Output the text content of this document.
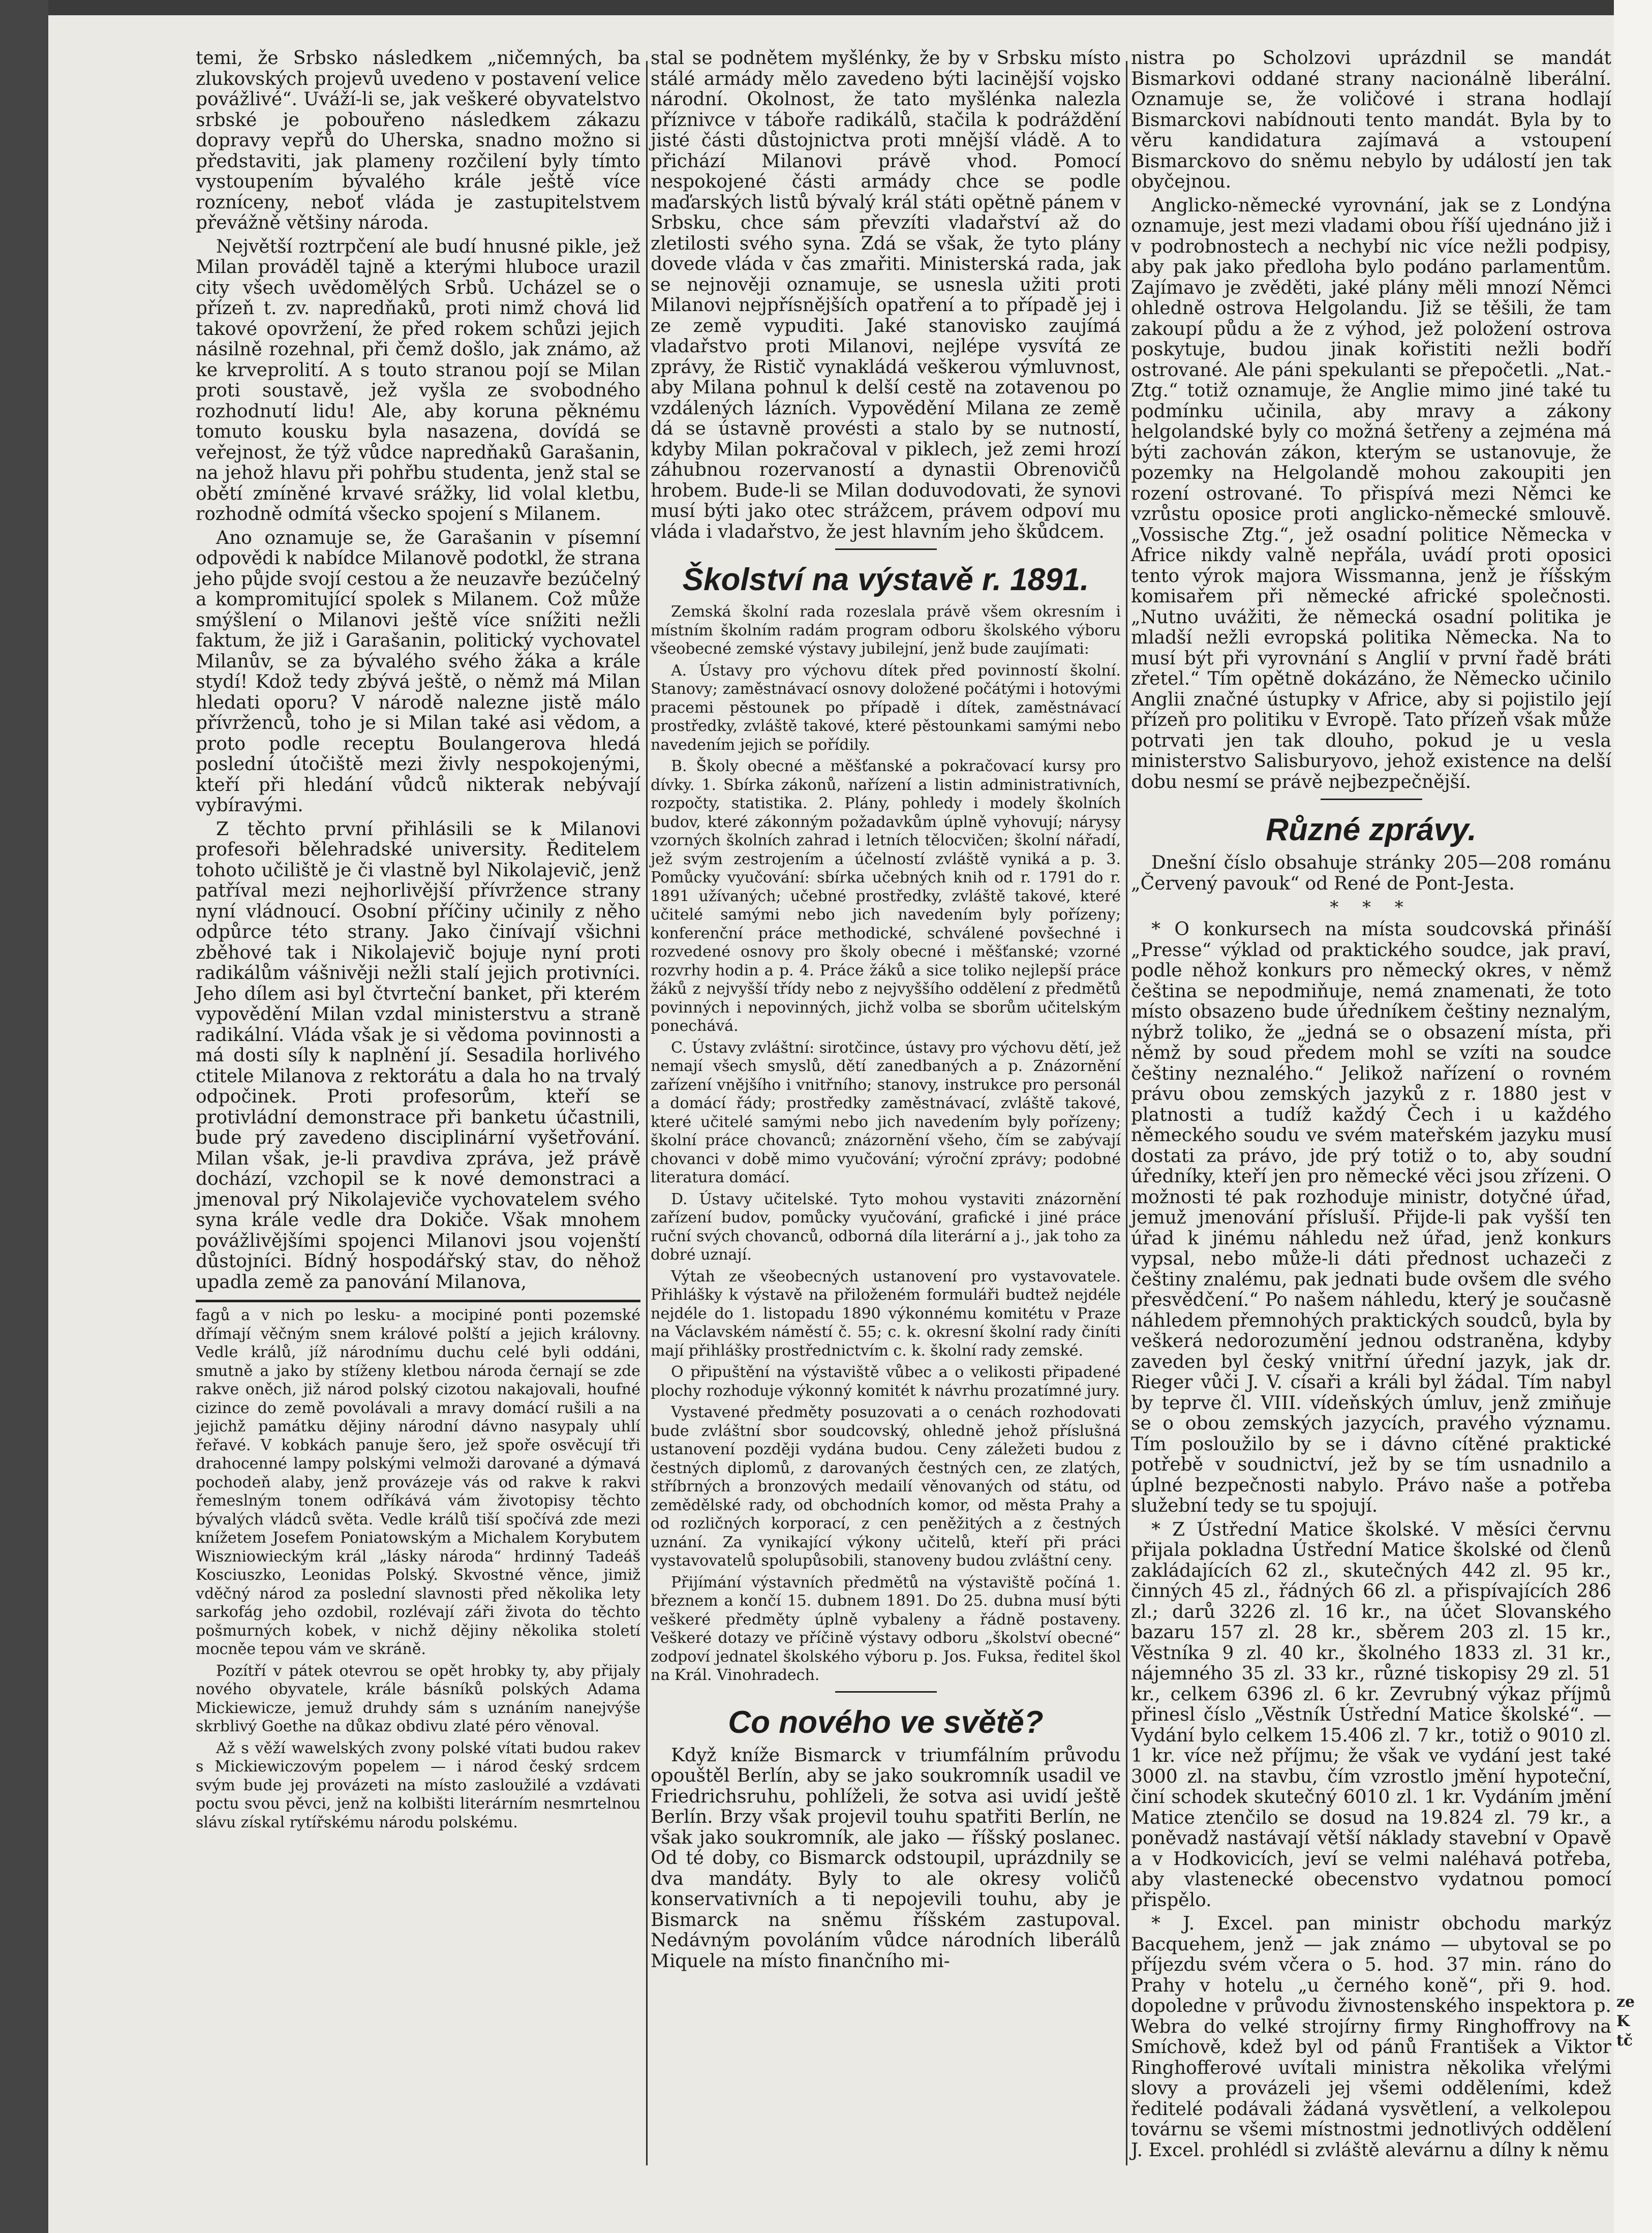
ze
K
tč

temi, že Srbsko následkem „ničemných, ba zlukovských projevů uvedeno v postavení velice povážlivé“. Uváží-li se, jak veškeré obyvatelstvo srbské je pobouřeno následkem zákazu dopravy vepřů do Uherska, snadno možno si představiti, jak plameny rozčilení byly tímto vystoupením bývalého krále ještě více rozníceny, neboť vláda je zastupitelstvem převážně většiny národa.

Největší roztrpčení ale budí hnusné pikle, jež Milan prováděl tajně a kterými hluboce urazil city všech uvědomělých Srbů. Ucházel se o přízeň t. zv. napredňaků, proti nimž chová lid takové opovržení, že před rokem schůzi jejich násilně rozehnal, při čemž došlo, jak známo, až ke krveprolití. A s touto stranou pojí se Milan proti soustavě, jež vyšla ze svobodného rozhodnutí lidu! Ale, aby koruna pěknému tomuto kousku byla nasazena, dovídá se veřejnost, že týž vůdce napredňaků Garašanin, na jehož hlavu při pohřbu studenta, jenž stal se obětí zmíněné krvavé srážky, lid volal kletbu, rozhodně odmítá všecko spojení s Milanem.

Ano oznamuje se, že Garašanin v písemní odpovědi k nabídce Milanově podotkl, že strana jeho půjde svojí cestou a že neuzavře bezúčelný a kompromitující spolek s Milanem. Což může smýšlení o Milanovi ještě více snížiti nežli faktum, že již i Garašanin, politický vychovatel Milanův, se za bývalého svého žáka a krále stydí! Kdož tedy zbývá ještě, o němž má Milan hledati oporu? V národě nalezne jistě málo přívrženců, toho je si Milan také asi vědom, a proto podle receptu Boulangerova hledá poslední útočiště mezi živly nespokojenými, kteří při hledání vůdců nikterak nebývají vybíravými.

Z těchto první přihlásili se k Milanovi profesoři bělehradské university. Ředitelem tohoto učiliště je či vlastně byl Nikolajevič, jenž patříval mezi nejhorlivější přívržence strany nyní vládnoucí. Osobní příčiny učinily z něho odpůrce této strany. Jako činívají všichni zběhové tak i Nikolajevič bojuje nyní proti radikálům vášnivěji nežli stalí jejich protivníci. Jeho dílem asi byl čtvrteční banket, při kterém vypovědění Milan vzdal ministerstvu a straně radikální. Vláda však je si vědoma povinnosti a má dosti síly k naplnění jí. Sesadila horlivého ctitele Milanova z rektorátu a dala ho na trvalý odpočinek. Proti profesorům, kteří se protivládní demonstrace při banketu účastnili, bude prý zavedeno disciplinární vyšetřování. Milan však, je-li pravdiva zpráva, jež právě dochází, vzchopil se k nové demonstraci a jmenoval prý Nikolajeviče vychovatelem svého syna krále vedle dra Dokiče. Však mnohem povážlivějšími spojenci Milanovi jsou vojenští důstojníci. Bídný hospodářský stav, do něhož upadla země za panování Milanova,

fagů a v nich po lesku- a mocipiné ponti pozemské dřímají věčným snem králové polští a jejich královny. Vedle králů, jíž národnímu duchu celé byli oddáni, smutně a jako by stíženy kletbou národa černají se zde rakve oněch, již národ polský cizotou nakajovali, houfné cizince do země povolávali a mravy domácí rušili a na jejichž památku dějiny národní dávno nasypaly uhlí řeřavé. V kobkách panuje šero, jež spoře osvěcují tři drahocenné lampy polskými velmoži darované a dýmavá pochodeň alaby, jenž provázeje vás od rakve k rakvi řemeslným tonem odříkává vám životopisy těchto bývalých vládců světa. Vedle králů tiší spočívá zde mezi knížetem Josefem Poniatowským a Michalem Korybutem Wiszniowieckým král „lásky národa“ hrdinný Tadeáš Kosciuszko, Leonidas Polský. Skvostné věnce, jimiž vděčný národ za poslední slavnosti před několika lety sarkofág jeho ozdobil, rozlévají záři života do těchto pošmurných kobek, v nichž dějiny několika století mocněe tepou vám ve skráně.

Pozítří v pátek otevrou se opět hrobky ty, aby přijaly nového obyvatele, krále básníků polských Adama Mickiewicze, jemuž druhdy sám s uznáním nanejvýše skrblivý Goethe na důkaz obdivu zlaté péro věnoval.

Až s věží wawelských zvony polské vítati budou rakev s Mickiewiczovým popelem — i národ český srdcem svým bude jej provázeti na místo zasloužilé a vzdávati poctu svou pěvci, jenž na kolbišti literárním nesmrtelnou slávu získal rytířskému národu polskému.

stal se podnětem myšlénky, že by v Srbsku místo stálé armády mělo zavedeno býti lacinější vojsko národní. Okolnost, že tato myšlénka nalezla příznivce v táboře radikálů, stačila k podráždění jisté části důstojnictva proti mnější vládě. A to přichází Milanovi právě vhod. Pomocí nespokojené části armády chce se podle maďarských listů bývalý král státi opětně pánem v Srbsku, chce sám převzíti vladařství až do zletilosti svého syna. Zdá se však, že tyto plány dovede vláda v čas zmařiti. Ministerská rada, jak se nejnověji oznamuje, se usnesla užiti proti Milanovi nejpřísnějších opatření a to případě jej i ze země vypuditi. Jaké stanovisko zaujímá vladařstvo proti Milanovi, nejlépe vysvítá ze zprávy, že Ristič vynakládá veškerou výmluvnost, aby Milana pohnul k delší cestě na zotavenou po vzdálených lázních. Vypovědění Milana ze země dá se ústavně provésti a stalo by se nutností, kdyby Milan pokračoval v piklech, jež zemi hrozí záhubnou rozervaností a dynastii Obrenovičů hrobem. Bude-li se Milan doduvodovati, že synovi musí býti jako otec strážcem, právem odpoví mu vláda i vladařstvo, že jest hlavním jeho škůdcem.

Školství na výstavě r. 1891.

Zemská školní rada rozeslala právě všem okresním i místním školním radám program odboru školského výboru všeobecné zemské výstavy jubilejní, jenž bude zaujímati:

A. Ústavy pro výchovu dítek před povinností školní. Stanovy; zaměstnávací osnovy doložené počátými i hotovými pracemi pěstounek po případě i dítek, zaměstnávací prostředky, zvláště takové, které pěstounkami samými nebo navedením jejich se pořídily.

B. Školy obecné a měšťanské a pokračovací kursy pro dívky. 1. Sbírka zákonů, nařízení a listin administrativních, rozpočty, statistika. 2. Plány, pohledy i modely školních budov, které zákonným požadavkům úplně vyhovují; nárysy vzorných školních zahrad i letních tělocvičen; školní nářadí, jež svým zestrojením a účelností zvláště vyniká a p. 3. Pomůcky vyučování: sbírka učebných knih od r. 1791 do r. 1891 užívaných; učebné prostředky, zvláště takové, které učitelé samými nebo jich navedením byly pořízeny; konferenční práce methodické, schválené povšechné i rozvedené osnovy pro školy obecné i měšťanské; vzorné rozvrhy hodin a p. 4. Práce žáků a sice toliko nejlepší práce žáků z nejvyšší třídy nebo z nejvyššího oddělení z předmětů povinných i nepovinných, jichž volba se sborům učitelským ponechává.

C. Ústavy zvláštní: sirotčince, ústavy pro výchovu dětí, jež nemají všech smyslů, dětí zanedbaných a p. Znázornění zařízení vnějšího i vnitřního; stanovy, instrukce pro personál a domácí řády; prostředky zaměstnávací, zvláště takové, které učitelé samými nebo jich navedením byly pořízeny; školní práce chovanců; znázornění všeho, čím se zabývají chovanci v době mimo vyučování; výroční zprávy; podobné literatura domácí.

D. Ústavy učitelské. Tyto mohou vystaviti znázornění zařízení budov, pomůcky vyučování, grafické i jiné práce ruční svých chovanců, odborná díla literární a j., jak toho za dobré uznají.

Výtah ze všeobecných ustanovení pro vystavovatele. Přihlášky k výstavě na přiloženém formuláři budtež nejdéle nejdéle do 1. listopadu 1890 výkonnému komitétu v Praze na Václavském náměstí č. 55; c. k. okresní školní rady činíti mají přihlášky prostřednictvím c. k. školní rady zemské.

O připuštění na výstaviště vůbec a o velikosti připadené plochy rozhoduje výkonný komitét k návrhu prozatímné jury.

Vystavené předměty posuzovati a o cenách rozhodovati bude zvláštní sbor soudcovský, ohledně jehož příslušná ustanovení později vydána budou. Ceny záležeti budou z čestných diplomů, z darovaných čestných cen, ze zlatých, stříbrných a bronzových medailí věnovaných od státu, od zemědělské rady, od obchodních komor, od města Prahy a od rozličných korporací, z cen peněžitých a z čestných uznání. Za vynikající výkony učitelů, kteří při práci vystavovatelů spolupůsobili, stanoveny budou zvláštní ceny.

Přijímání výstavních předmětů na výstaviště počíná 1. březnem a končí 15. dubnem 1891. Do 25. dubna musí býti veškeré předměty úplně vybaleny a řádně postaveny. Veškeré dotazy ve příčině výstavy odboru „školství obecné“ zodpoví jednatel školského výboru p. Jos. Fuksa, ředitel škol na Král. Vinohradech.

Co nového ve světě?

Když kníže Bismarck v triumfálním průvodu opouštěl Berlín, aby se jako soukromník usadil ve Friedrichsruhu, pohlíželi, že sotva asi uvidí ještě Berlín. Brzy však projevil touhu spatřiti Berlín, ne však jako soukromník, ale jako — říšský poslanec. Od té doby, co Bismarck odstoupil, uprázdnily se dva mandáty. Byly to ale okresy voličů konservativních a ti nepojevili touhu, aby je Bismarck na sněmu říšském zastupoval. Nedávným povoláním vůdce národních liberálů Miquele na místo finančního mi-

nistra po Scholzovi uprázdnil se mandát Bismarkovi oddané strany nacionálně liberální. Oznamuje se, že voličové i strana hodlají Bismarckovi nabídnouti tento mandát. Byla by to věru kandidatura zajímavá a vstoupení Bismarckovo do sněmu nebylo by událostí jen tak obyčejnou.

Anglicko-německé vyrovnání, jak se z Londýna oznamuje, jest mezi vladami obou říší ujednáno již i v podrobnostech a nechybí nic více nežli podpisy, aby pak jako předloha bylo podáno parlamentům. Zajímavo je zvěděti, jaké plány měli mnozí Němci ohledně ostrova Helgolandu. Již se těšili, že tam zakoupí půdu a že z výhod, jež položení ostrova poskytuje, budou jinak kořistiti nežli bodří ostrované. Ale páni spekulanti se přepočetli. „Nat.-Ztg.“ totiž oznamuje, že Anglie mimo jiné také tu podmínku učinila, aby mravy a zákony helgolandské byly co možná šetřeny a zejména má býti zachován zákon, kterým se ustanovuje, že pozemky na Helgolandě mohou zakoupiti jen rození ostrované. To přispívá mezi Němci ke vzrůstu oposice proti anglicko-německé smlouvě. „Vossische Ztg.“, jež osadní politice Německa v Africe nikdy valně nepřála, uvádí proti oposici tento výrok majora Wissmanna, jenž je říšským komisařem při německé africké společnosti. „Nutno uvážiti, že německá osadní politika je mladší nežli evropská politika Německa. Na to musí být při vyrovnání s Anglií v první řadě bráti zřetel.“ Tím opětně dokázáno, že Německo učinilo Anglii značné ústupky v Africe, aby si pojistilo její přízeň pro politiku v Evropě. Tato přízeň však může potrvati jen tak dlouho, pokud je u vesla ministerstvo Salisburyovo, jehož existence na delší dobu nesmí se právě nejbezpečnější.

Různé zprávy.

Dnešní číslo obsahuje stránky 205—208 románu „Červený pavouk“ od René de Pont-Jesta.

* * *

* O konkursech na místa soudcovská přináší „Presse“ výklad od praktického soudce, jak praví, podle něhož konkurs pro německý okres, v němž čeština se nepodmiňuje, nemá znamenati, že toto místo obsazeno bude úředníkem češtiny neznalým, nýbrž toliko, že „jedná se o obsazení místa, při němž by soud předem mohl se vzíti na soudce češtiny neznalého.“ Jelikož nařízení o rovném právu obou zemských jazyků z r. 1880 jest v platnosti a tudíž každý Čech i u každého německého soudu ve svém mateřském jazyku musí dostati za právo, jde prý totiž o to, aby soudní úředníky, kteří jen pro německé věci jsou zřízeni. O možnosti té pak rozhoduje ministr, dotyčné úřad, jemuž jmenování přísluší. Přijde-li pak vyšší ten úřad k jinému náhledu než úřad, jenž konkurs vypsal, nebo může-li dáti přednost uchazeči z češtiny znalému, pak jednati bude ovšem dle svého přesvědčení.“ Po našem náhledu, který je současně náhledem přemnohých praktických soudců, byla by veškerá nedorozumění jednou odstraněna, kdyby zaveden byl český vnitřní úřední jazyk, jak dr. Rieger vůči J. V. císaři a králi byl žádal. Tím nabyl by teprve čl. VIII. vídeňských úmluv, jenž zmiňuje se o obou zemských jazycích, pravého významu. Tím posloužilo by se i dávno cítěné praktické potřebě v soudnictví, jež by se tím usnadnilo a úplné bezpečnosti nabylo. Právo naše a potřeba služební tedy se tu spojují.

* Z Ústřední Matice školské. V měsíci červnu přijala pokladna Ústřední Matice školské od členů zakládajících 62 zl., skutečných 442 zl. 95 kr., činných 45 zl., řádných 66 zl. a přispívajících 286 zl.; darů 3226 zl. 16 kr., na účet Slovanského bazaru 157 zl. 28 kr., sběrem 203 zl. 15 kr., Věstníka 9 zl. 40 kr., školného 1833 zl. 31 kr., nájemného 35 zl. 33 kr., různé tiskopisy 29 zl. 51 kr., celkem 6396 zl. 6 kr. Zevrubný výkaz příjmů přinesl číslo „Věstník Ústřední Matice školské“. — Vydání bylo celkem 15.406 zl. 7 kr., totiž o 9010 zl. 1 kr. více než příjmu; že však ve vydání jest také 3000 zl. na stavbu, čím vzrostlo jmění hypoteční, činí schodek skutečný 6010 zl. 1 kr. Vydáním jmění Matice ztenčilo se dosud na 19.824 zl. 79 kr., a poněvadž nastávají větší náklady stavební v Opavě a v Hodkovicích, jeví se velmi naléhavá potřeba, aby vlastenecké obecenstvo vydatnou pomocí přispělo.

* J. Excel. pan ministr obchodu markýz Bacquehem, jenž — jak známo — ubytoval se po příjezdu svém včera o 5. hod. 37 min. ráno do Prahy v hotelu „u černého koně“, při 9. hod. dopoledne v průvodu živnostenského inspektora p. Webra do velké strojírny firmy Ringhoffrovy na Smíchově, kdež byl od pánů František a Viktor Ringhofferové uvítali ministra několika vřelými slovy a provázeli jej všemi odděleními, kdež ředitelé podávali žádaná vysvětlení, a velkolepou továrnu se všemi místnostmi jednotlivých oddělení J. Excel. prohlédl si zvláště alevárnu a dílny k němu
